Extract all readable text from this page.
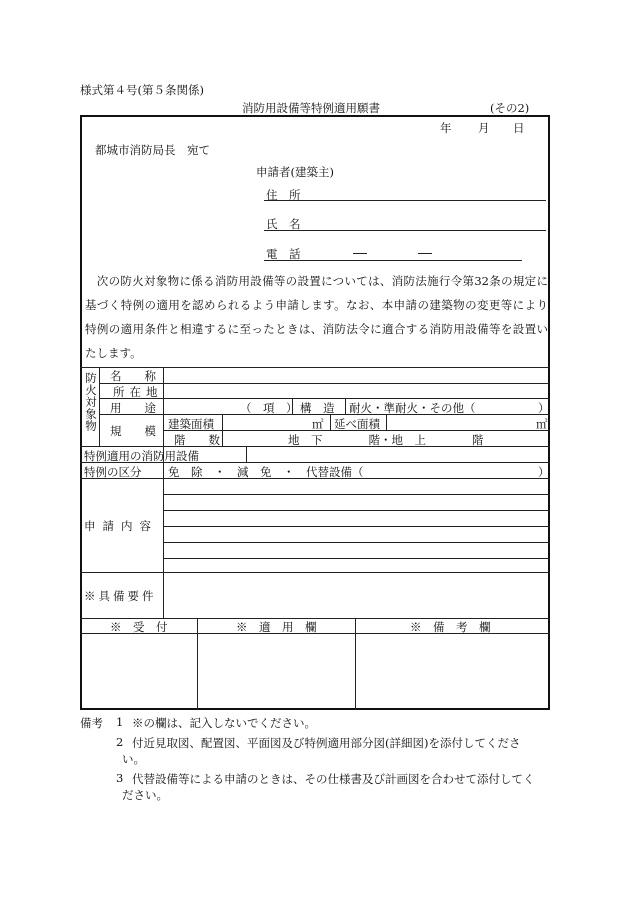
様式第４号(第５条関係)
消防用設備等特例適用願書	(その2)
年 月 日
都城市消防局長　宛て
申請者(建築主)
住　所
氏　名
電　話
　次の防火対象物に係る消防用設備等の設置については、消防法施行令第32条の規定に
基づく特例の適用を認められるよう申請します。なお、本申請の建築物の変更等により
特例の適用条件と相違するに至ったときは、消防法令に適合する消防用設備等を設置い
たします。
防火対象物
名　　称
所在地
用　　途	（　項　） 構　造 耐火・準耐火・その他（	）
規　　模 建築面積	㎡ 延べ面積	㎡
階　　数	地　下　　　　階・地　上　　　　階
特例適用の消防用設備
特例の区分 免　除　・　減　免　・　代替設備（	）
申請内容
※具備要件
※　受　付	※　適　用　欄	※　備　考　欄
備考 1 ※の欄は、記入しないでください。
2 付近見取図、配置図、平面図及び特例適用部分図(詳細図)を添付してくださ
い。
3 代替設備等による申請のときは、その仕様書及び計画図を合わせて添付してく
ださい。
